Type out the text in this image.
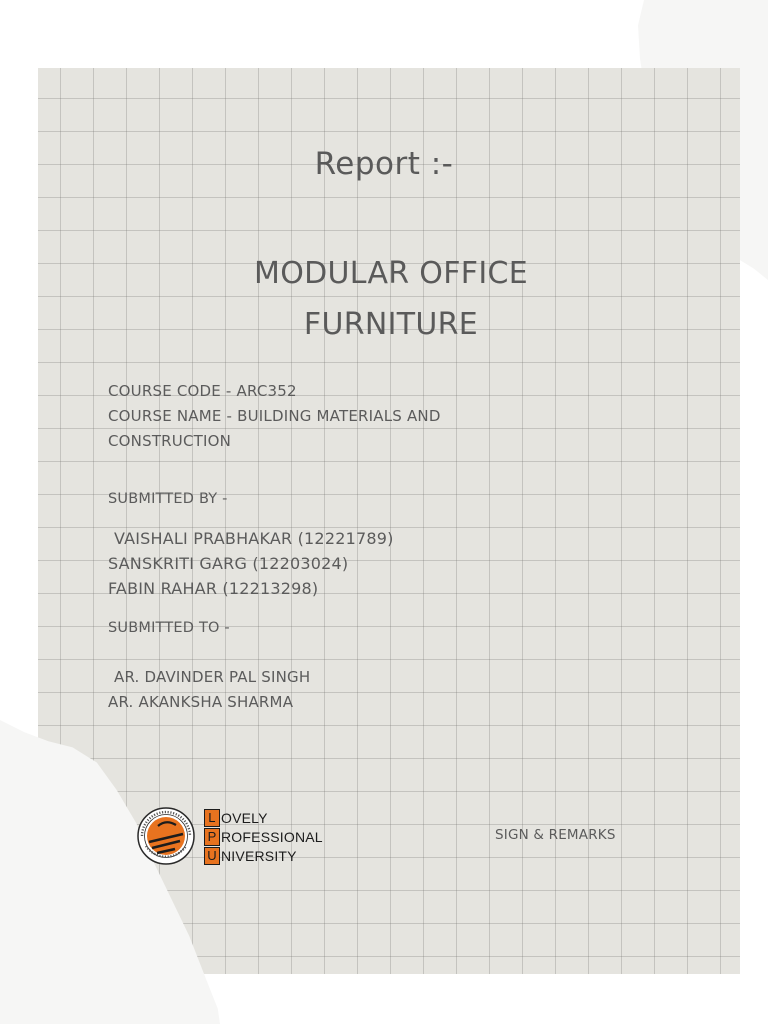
Report :-
MODULAR OFFICE
FURNITURE
COURSE CODE - ARC352
COURSE NAME - BUILDING MATERIALS AND
CONSTRUCTION
SUBMITTED BY -
VAISHALI PRABHAKAR (12221789)
SANSKRITI GARG (12203024)
FABIN RAHAR (12213298)
SUBMITTED TO -
AR. DAVINDER PAL SINGH
AR. AKANKSHA SHARMA
L OVELY
P ROFESSIONAL
U NIVERSITY
SIGN & REMARKS
